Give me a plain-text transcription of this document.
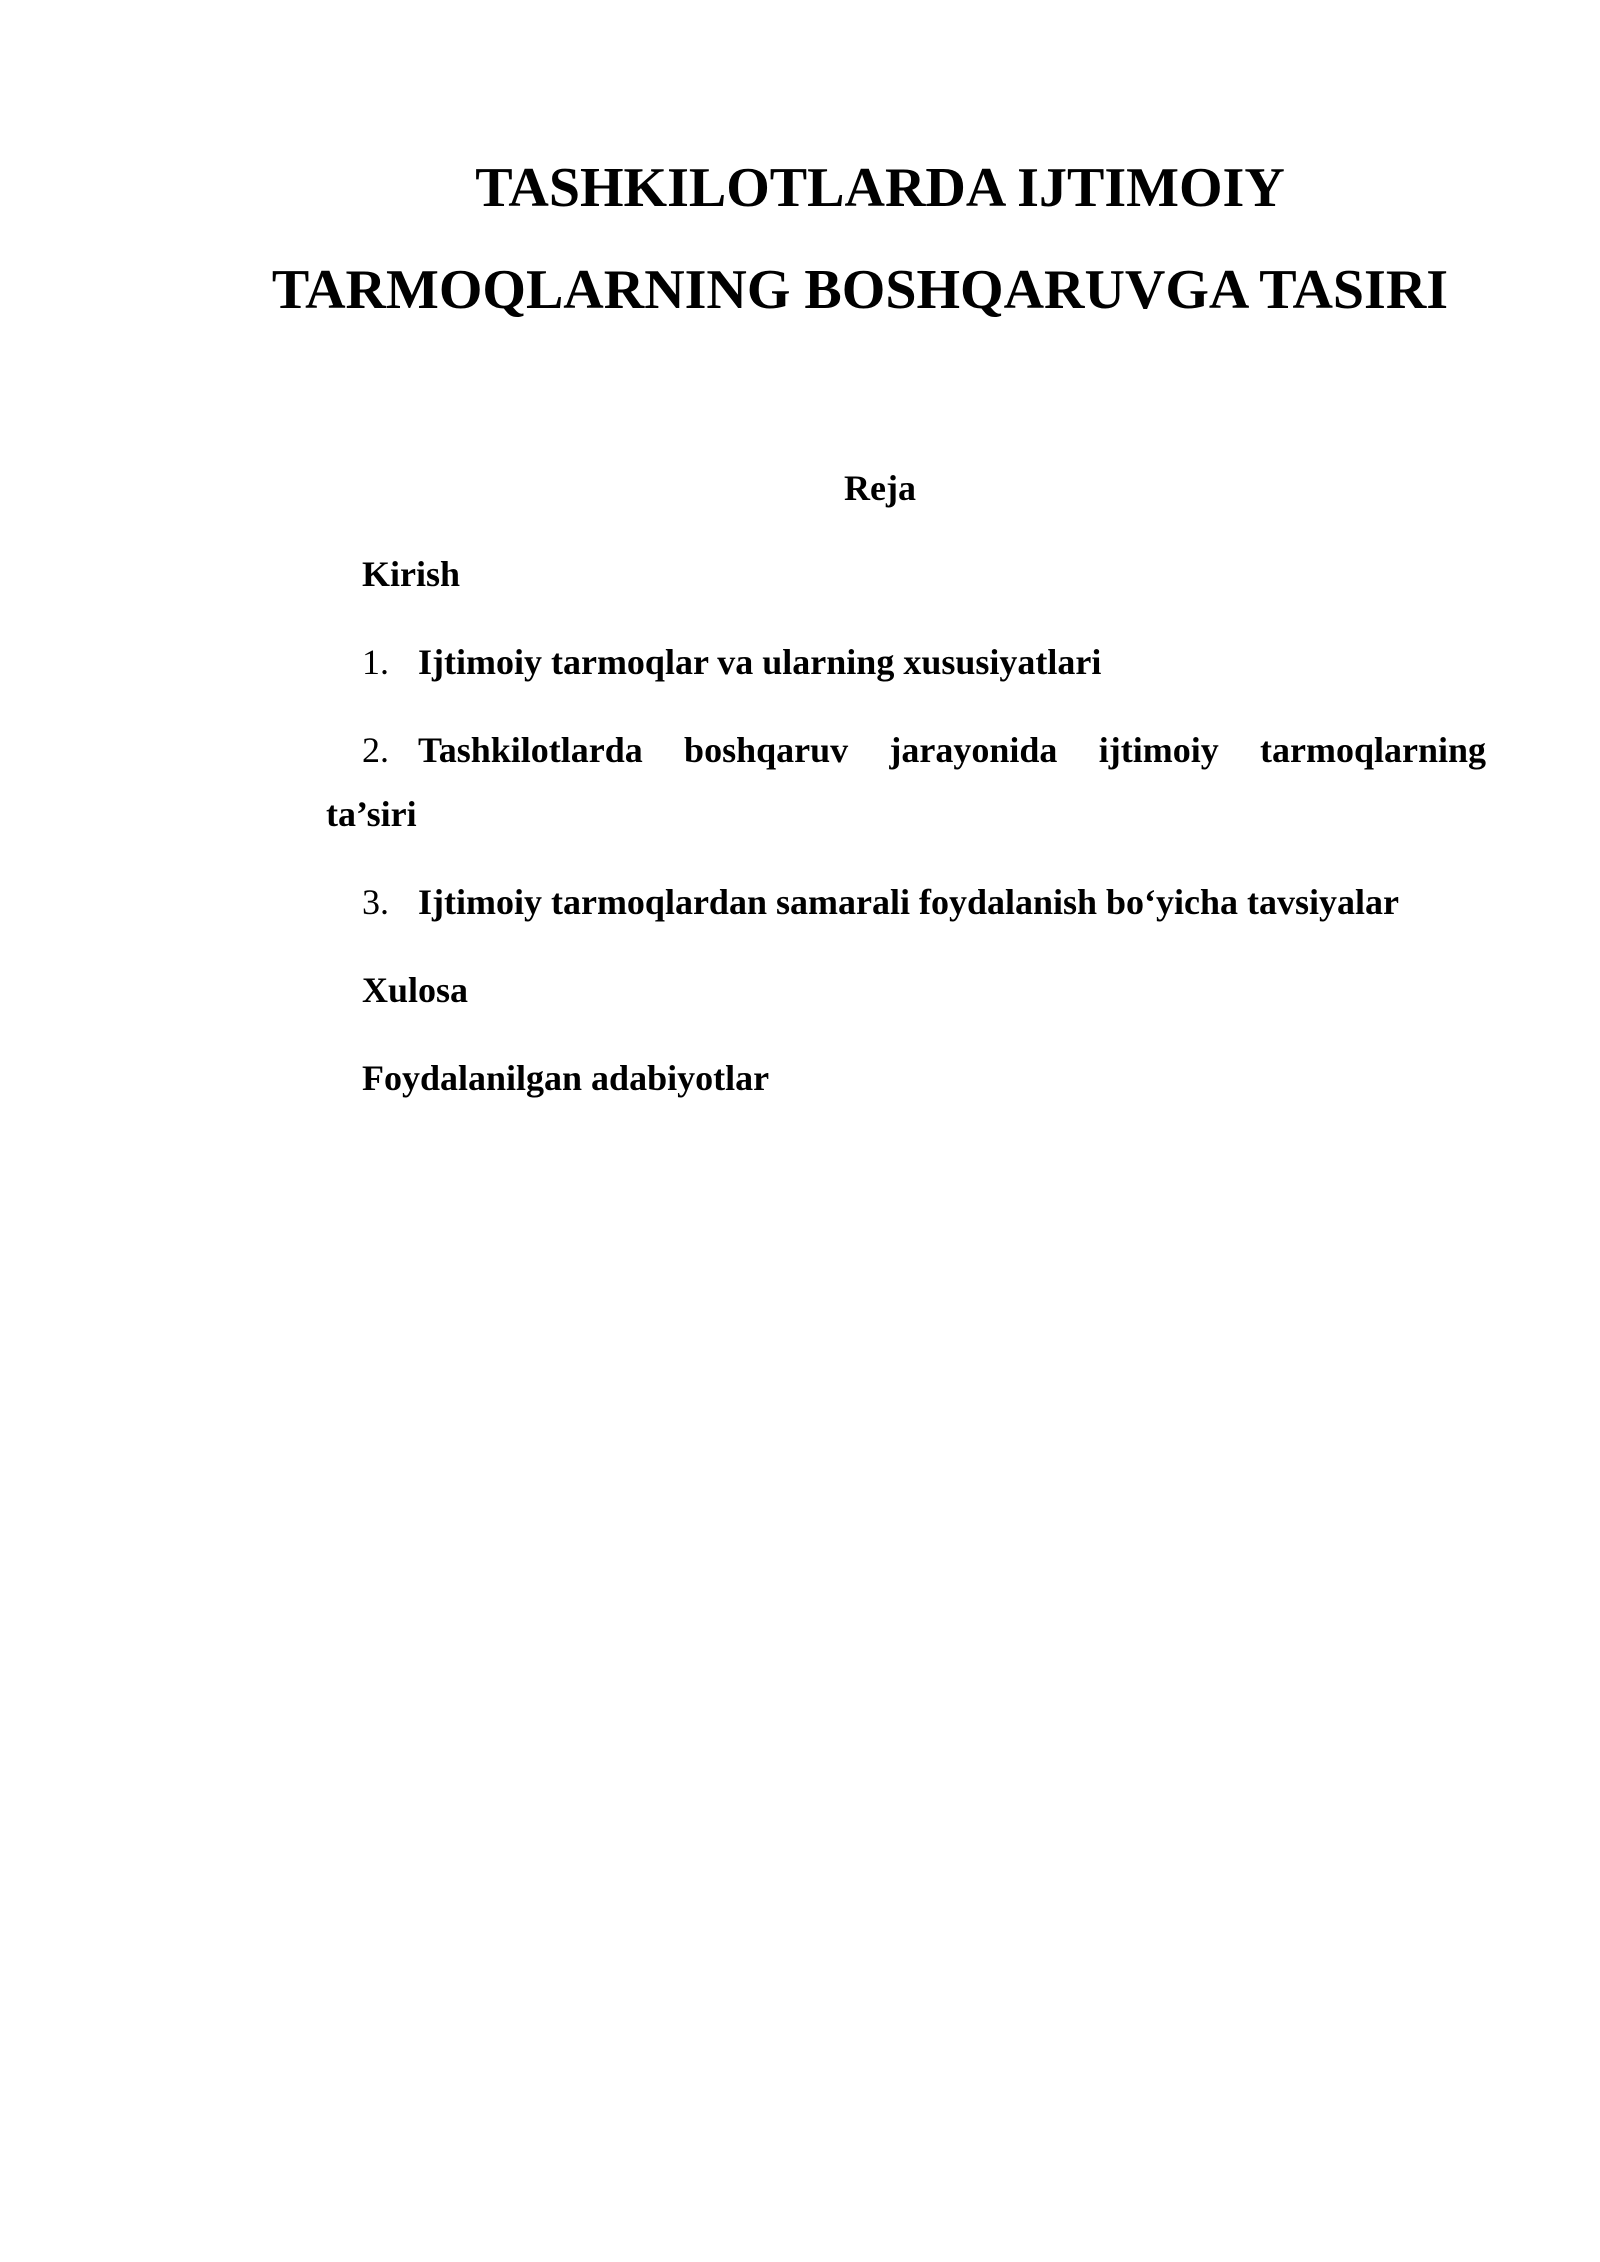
TASHKILOTLARDA IJTIMOIY
TARMOQLARNING BOSHQARUVGA TASIRI
Reja
Kirish
1. Ijtimoiy tarmoqlar va ularning xususiyatlari
2. Tashkilotlarda boshqaruv jarayonida ijtimoiy tarmoqlarning
ta’siri
3. Ijtimoiy tarmoqlardan samarali foydalanish bo‘yicha tavsiyalar
Xulosa
Foydalanilgan adabiyotlar
